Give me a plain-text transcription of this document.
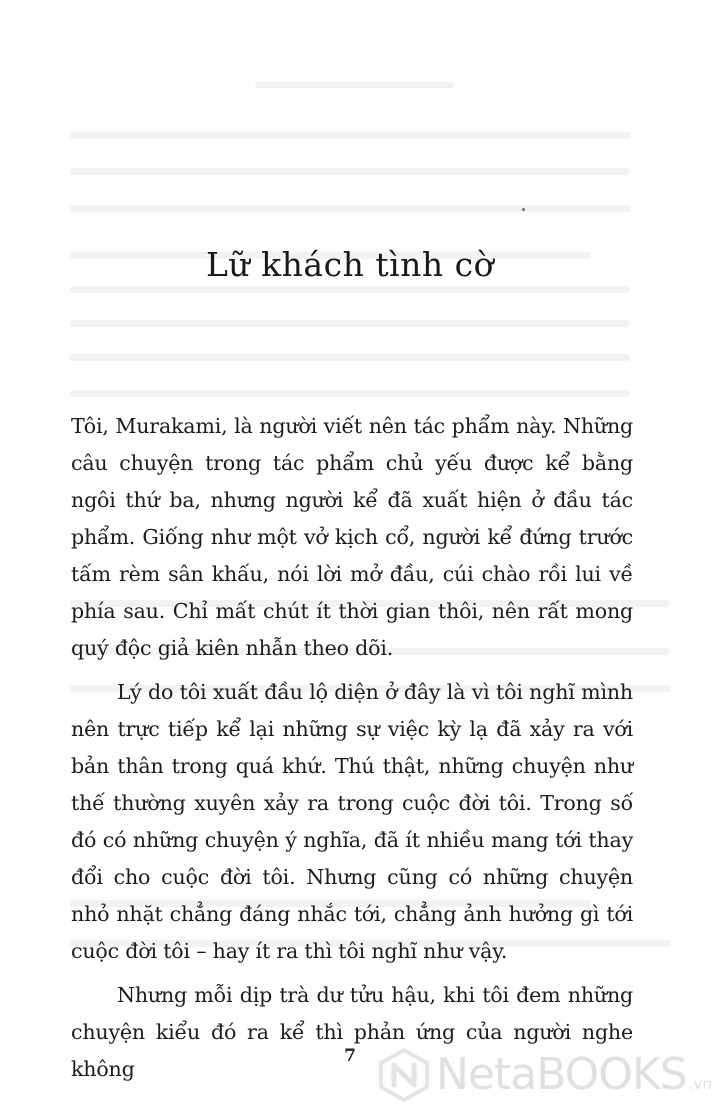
Lữ khách tình cờ

Tôi, Murakami, là người viết nên tác phẩm này. Những câu chuyện trong tác phẩm chủ yếu được kể bằng ngôi thứ ba, nhưng người kể đã xuất hiện ở đầu tác phẩm. Giống như một vở kịch cổ, người kể đứng trước tấm rèm sân khấu, nói lời mở đầu, cúi chào rồi lui về phía sau. Chỉ mất chút ít thời gian thôi, nên rất mong quý độc giả kiên nhẫn theo dõi.

Lý do tôi xuất đầu lộ diện ở đây là vì tôi nghĩ mình nên trực tiếp kể lại những sự việc kỳ lạ đã xảy ra với bản thân trong quá khứ. Thú thật, những chuyện như thế thường xuyên xảy ra trong cuộc đời tôi. Trong số đó có những chuyện ý nghĩa, đã ít nhiều mang tới thay đổi cho cuộc đời tôi. Nhưng cũng có những chuyện nhỏ nhặt chẳng đáng nhắc tới, chẳng ảnh hưởng gì tới cuộc đời tôi – hay ít ra thì tôi nghĩ như vậy.

Nhưng mỗi dịp trà dư tửu hậu, khi tôi đem những chuyện kiểu đó ra kể thì phản ứng của người nghe không

7	NetaBOOKS .vn
